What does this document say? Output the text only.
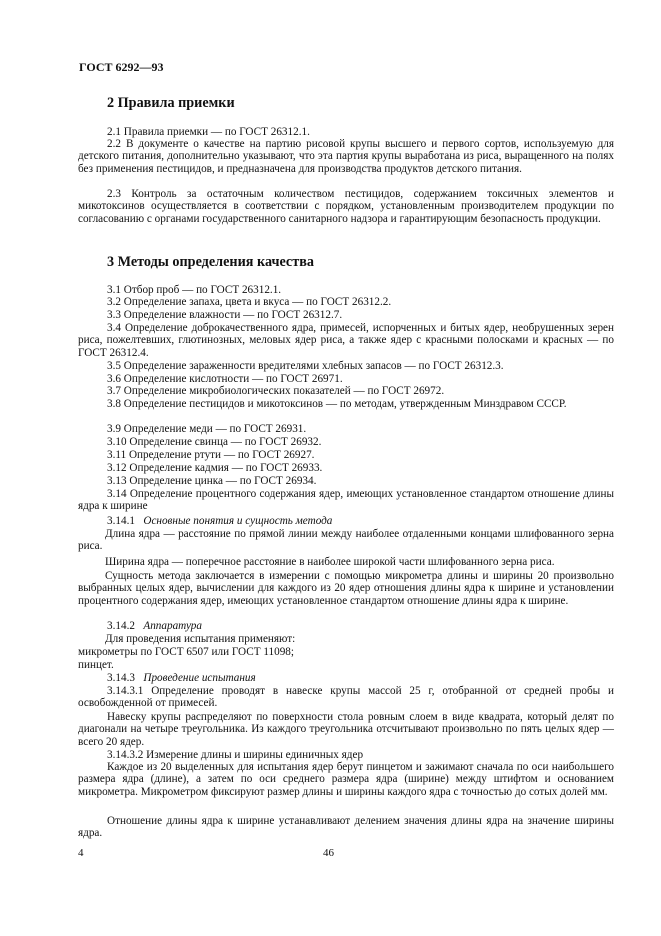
ГОСТ 6292—93
2 Правила приемки
2.1 Правила приемки — по ГОСТ 26312.1.
2.2 В документе о качестве на партию рисовой крупы высшего и первого сортов, используемую для детского питания, дополнительно указывают, что эта партия крупы выработана из риса, выращенного на полях без применения пестицидов, и предназначена для производства продуктов детского питания.
2.3 Контроль за остаточным количеством пестицидов, содержанием токсичных элементов и микотоксинов осуществляется в соответствии с порядком, установленным производителем продукции по согласованию с органами государственного санитарного надзора и гарантирующим безопасность продукции.
3 Методы определения качества
3.1 Отбор проб — по ГОСТ 26312.1.
3.2 Определение запаха, цвета и вкуса — по ГОСТ 26312.2.
3.3 Определение влажности — по ГОСТ 26312.7.
3.4 Определение доброкачественного ядра, примесей, испорченных и битых ядер, необрушенных зерен риса, пожелтевших, глютинозных, меловых ядер риса, а также ядер с красными полосками и красных — по ГОСТ 26312.4.
3.5 Определение зараженности вредителями хлебных запасов — по ГОСТ 26312.3.
3.6 Определение кислотности — по ГОСТ 26971.
3.7 Определение микробиологических показателей — по ГОСТ 26972.
3.8 Определение пестицидов и микотоксинов — по методам, утвержденным Минздравом СССР.
3.9 Определение меди — по ГОСТ 26931.
3.10 Определение свинца — по ГОСТ 26932.
3.11 Определение ртути — по ГОСТ 26927.
3.12 Определение кадмия — по ГОСТ 26933.
3.13 Определение цинка — по ГОСТ 26934.
3.14 Определение процентного содержания ядер, имеющих установленное стандартом отношение длины ядра к ширине
3.14.1 Основные понятия и сущность метода
Длина ядра — расстояние по прямой линии между наиболее отдаленными концами шлифованного зерна риса.
Ширина ядра — поперечное расстояние в наиболее широкой части шлифованного зерна риса.
Сущность метода заключается в измерении с помощью микрометра длины и ширины 20 произвольно выбранных целых ядер, вычислении для каждого из 20 ядер отношения длины ядра к ширине и установлении процентного содержания ядер, имеющих установленное стандартом отношение длины ядра к ширине.
3.14.2 Аппаратура
Для проведения испытания применяют:
микрометры по ГОСТ 6507 или ГОСТ 11098;
пинцет.
3.14.3 Проведение испытания
3.14.3.1 Определение проводят в навеске крупы массой 25 г, отобранной от средней пробы и освобожденной от примесей.
Навеску крупы распределяют по поверхности стола ровным слоем в виде квадрата, который делят по диагонали на четыре треугольника. Из каждого треугольника отсчитывают произвольно по пять целых ядер — всего 20 ядер.
3.14.3.2 Измерение длины и ширины единичных ядер
Каждое из 20 выделенных для испытания ядер берут пинцетом и зажимают сначала по оси наибольшего размера ядра (длине), а затем по оси среднего размера ядра (ширине) между штифтом и основанием микрометра. Микрометром фиксируют размер длины и ширины каждого ядра с точностью до сотых долей мм.
Отношение длины ядра к ширине устанавливают делением значения длины ядра на значение ширины ядра.
4	46
